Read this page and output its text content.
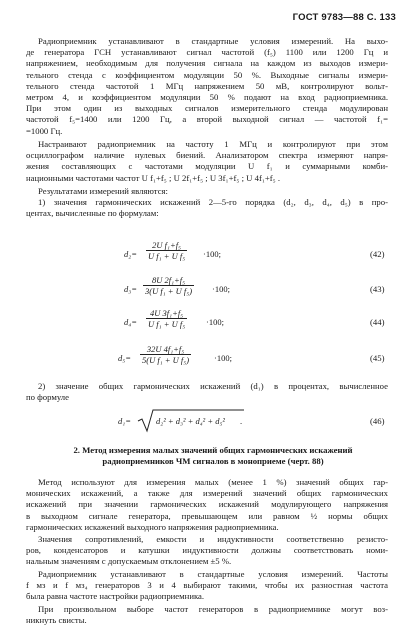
ГОСТ 9783—88 С. 133
Радиоприемник устанавливают в стандартные условия измерений. На выхо-
де генератора ГСН устанавливают сигнал частотой (f₅) 1100 или 1200 Гц и
напряжением, необходимым для получения сигнала на каждом из выходов измери-
тельного стенда с коэффициентом модуляции 50 %. Выходные сигналы измери-
тельного стенда частотой 1 МГц напряжением 50 мВ, контролируют вольт-
метром 4, и коэффициентом модуляции 50 % подают на вход радиоприемника.
При этом один из выходных сигналов измерительного стенда модулирован
частотой f₅=1400 или 1200 Гц, а второй выходной сигнал — частотой f₁=
=1000 Гц.
Настраивают радиоприемник на частоту 1 МГц и контролируют при этом
осциллографом наличие нулевых биений. Анализатором спектра измеряют напря-
жения составляющих с частотами модуляции U f₁ и суммарными комби-
национными частотами частот U f₁+f₅ ; U 2f₁+f₅ ; U 3f₁+f₅ ; U 4f₁+f₅ .
Результатами измерений являются:
1) значения гармонических искажений 2—5-го порядка (d₂, d₃, d₄, d₅) в про-
центах, вычисленные по формулам:
$d_2= \frac{\text{2U f₁+f₅}}{\text{U f₁ + U f₅}} \cdot 100$;	(42)
$d_3= \frac{\text{8U 2f₁+f₅}}{\text{3(U f₁ + U f₅)}} \cdot 100$;	(43)
$d_4= \frac{\text{4U 3f₁+f₅}}{\text{U f₁ + U f₅}} \cdot 100$;	(44)
$d_5= \frac{\text{32U 4f₁+f₅}}{\text{5(U f₁ + U f₅)}}$	·100;	(45)
2) значение общих гармонических искажений (d₁) в процентах, вычисленное
по формуле
d₁=	d₂² + d₃² + d₄² + d₅² .	(46)
2. Метод измерения малых значений общих гармонических искажений
радиоприемников ЧМ сигналов в моноприеме (черт. 88)
Метод используют для измерения малых (менее 1 %) значений общих гар-
монических искажений, а также для измерений значений общих гармонических
искажений при значении гармонических искажений модулирующего напряжения
в выходном сигнале генератора, превышающем или равном ½ нормы общих
гармонических искажений выходного напряжения радиоприемника.
Значения сопротивлений, емкости и индуктивности соответственно резисто-
ров, конденсаторов и катушки индуктивности должны соответствовать номи-
нальным значениям с допускаемым отклонением ±5 %.
Радиоприемник устанавливают в стандартные условия измерений. Частоты
f мз и f мз₄ генераторов 3 и 4 выбирают такими, чтобы их разностная частота
была равна частоте настройки радиоприемника.
При произвольном выборе частот генераторов в радиоприемнике могут воз-
никнуть свисты.
